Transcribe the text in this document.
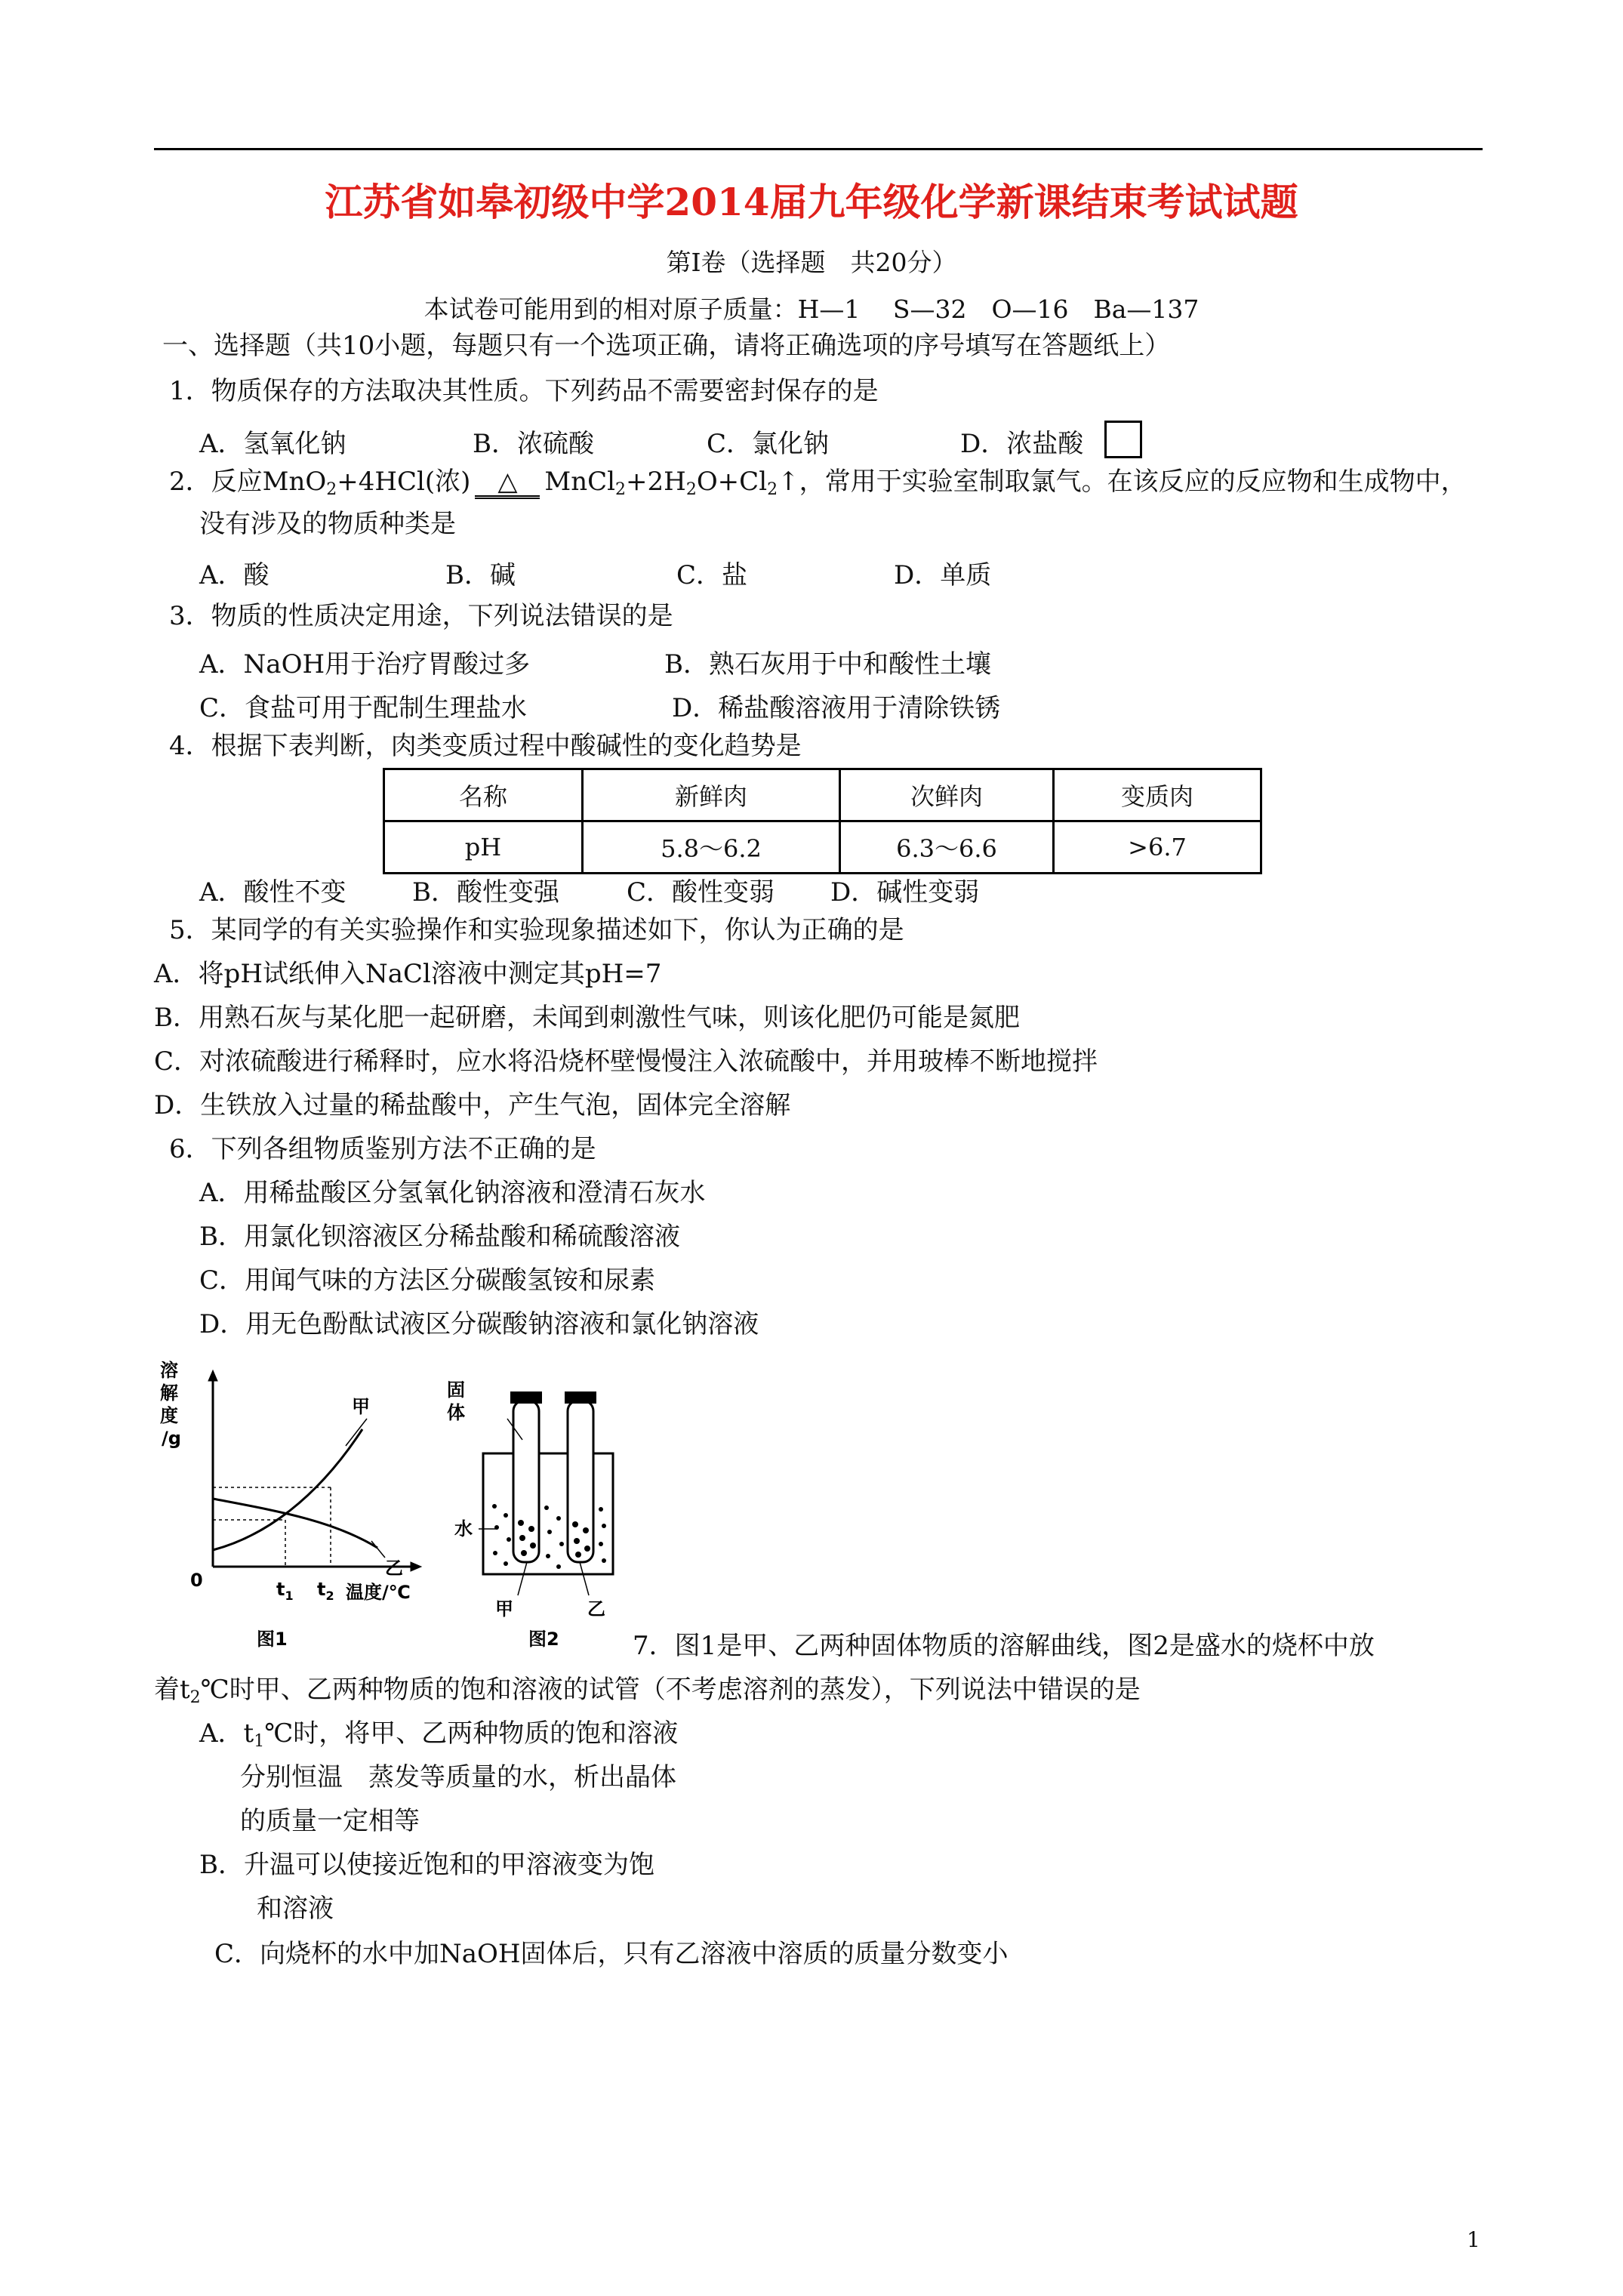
江苏省如皋初级中学2014届九年级化学新课结束考试试题
第Ⅰ卷（选择题　共20分）
本试卷可能用到的相对原子质量：H—1　 S—32　O—16　Ba—137
一、选择题（共10小题，每题只有一个选项正确，请将正确选项的序号填写在答题纸上）
1．物质保存的方法取决其性质。下列药品不需要密封保存的是
A．氢氧化钠	B．浓硫酸	C．氯化钠	D．浓盐酸
2．反应MnO$_2$+4HCl(浓) △ $MnCl_2+2H_2O+Cl_2↑$，常用于实验室制取氯气。在该反应的反应物和生成物中，
没有涉及的物质种类是
A．酸	B．碱	C．盐	D．单质
3．物质的性质决定用途，下列说法错误的是
A．NaOH用于治疗胃酸过多	B．熟石灰用于中和酸性土壤
C．食盐可用于配制生理盐水	D．稀盐酸溶液用于清除铁锈
4．根据下表判断，肉类变质过程中酸碱性的变化趋势是
名称	新鲜肉	次鲜肉	变质肉
pH	5.8～6.2	6.3～6.6	>6.7
A．酸性不变	B．酸性变强	C．酸性变弱 D．碱性变弱
5．某同学的有关实验操作和实验现象描述如下，你认为正确的是
A．将pH试纸伸入NaCl溶液中测定其pH=7
B．用熟石灰与某化肥一起研磨，未闻到刺激性气味，则该化肥仍可能是氮肥
C．对浓硫酸进行稀释时，应水将沿烧杯壁慢慢注入浓硫酸中，并用玻棒不断地搅拌
D．生铁放入过量的稀盐酸中，产生气泡，固体完全溶解
6．下列各组物质鉴别方法不正确的是
A．用稀盐酸区分氢氧化钠溶液和澄清石灰水
B．用氯化钡溶液区分稀盐酸和稀硫酸溶液
C．用闻气味的方法区分碳酸氢铵和尿素
D．用无色酚酞试液区分碳酸钠溶液和氯化钠溶液
溶
解
度
/g
0	$t_1$ $t_2$ 温度/℃
甲
乙
图1
固
体
水
甲	乙
图2	7．图1是甲、乙两种固体物质的溶解曲线，图2是盛水的烧杯中放
着$t_2℃$时甲、乙两种物质的饱和溶液的试管（不考虑溶剂的蒸发），下列说法中错误的是
A．$t_1℃$时，将甲、乙两种物质的饱和溶液
分别恒温　蒸发等质量的水，析出晶体
的质量一定相等
B．升温可以使接近饱和的甲溶液变为饱
和溶液
C．向烧杯的水中加NaOH固体后，只有乙溶液中溶质的质量分数变小
1
